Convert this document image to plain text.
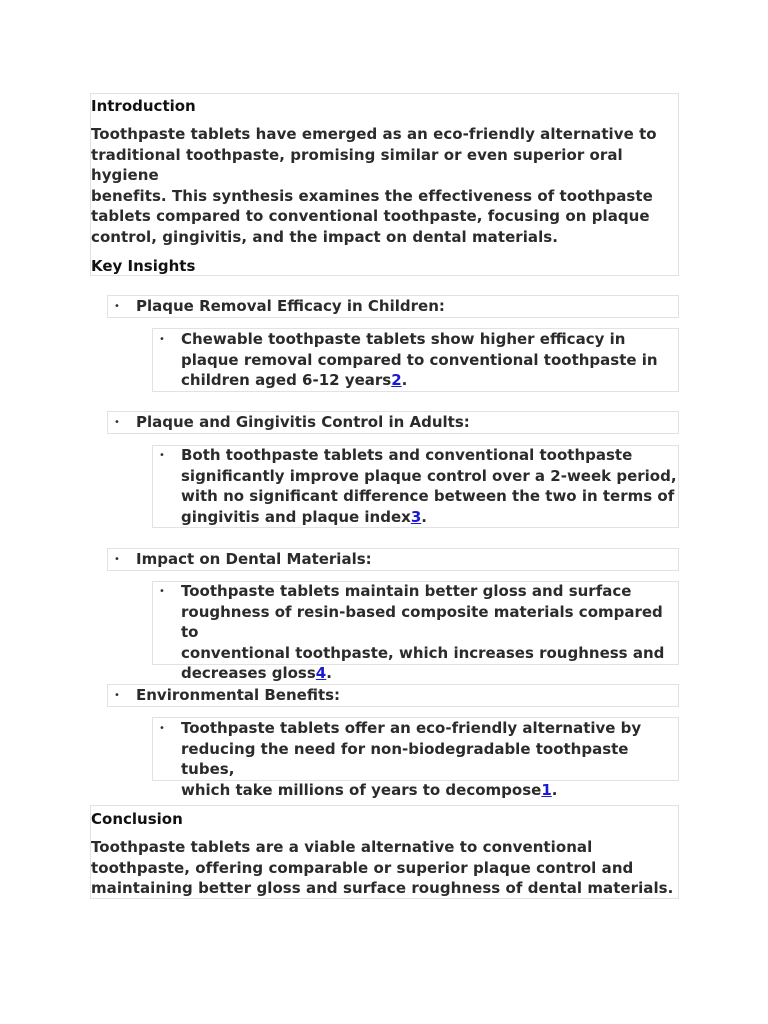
Introduction
Toothpaste tablets have emerged as an eco-friendly alternative to
traditional toothpaste, promising similar or even superior oral hygiene
benefits. This synthesis examines the effectiveness of toothpaste
tablets compared to conventional toothpaste, focusing on plaque
control, gingivitis, and the impact on dental materials.
Key Insights
• Plaque Removal Efficacy in Children:
• Chewable toothpaste tablets show higher efficacy in
plaque removal compared to conventional toothpaste in
children aged 6-12 years2.
• Plaque and Gingivitis Control in Adults:
• Both toothpaste tablets and conventional toothpaste
significantly improve plaque control over a 2-week period,
with no significant difference between the two in terms of
gingivitis and plaque index3.
• Impact on Dental Materials:
• Toothpaste tablets maintain better gloss and surface
roughness of resin-based composite materials compared to
conventional toothpaste, which increases roughness and
decreases gloss4.
• Environmental Benefits:
• Toothpaste tablets offer an eco-friendly alternative by
reducing the need for non-biodegradable toothpaste tubes,
which take millions of years to decompose1.
Conclusion
Toothpaste tablets are a viable alternative to conventional
toothpaste, offering comparable or superior plaque control and
maintaining better gloss and surface roughness of dental materials.
